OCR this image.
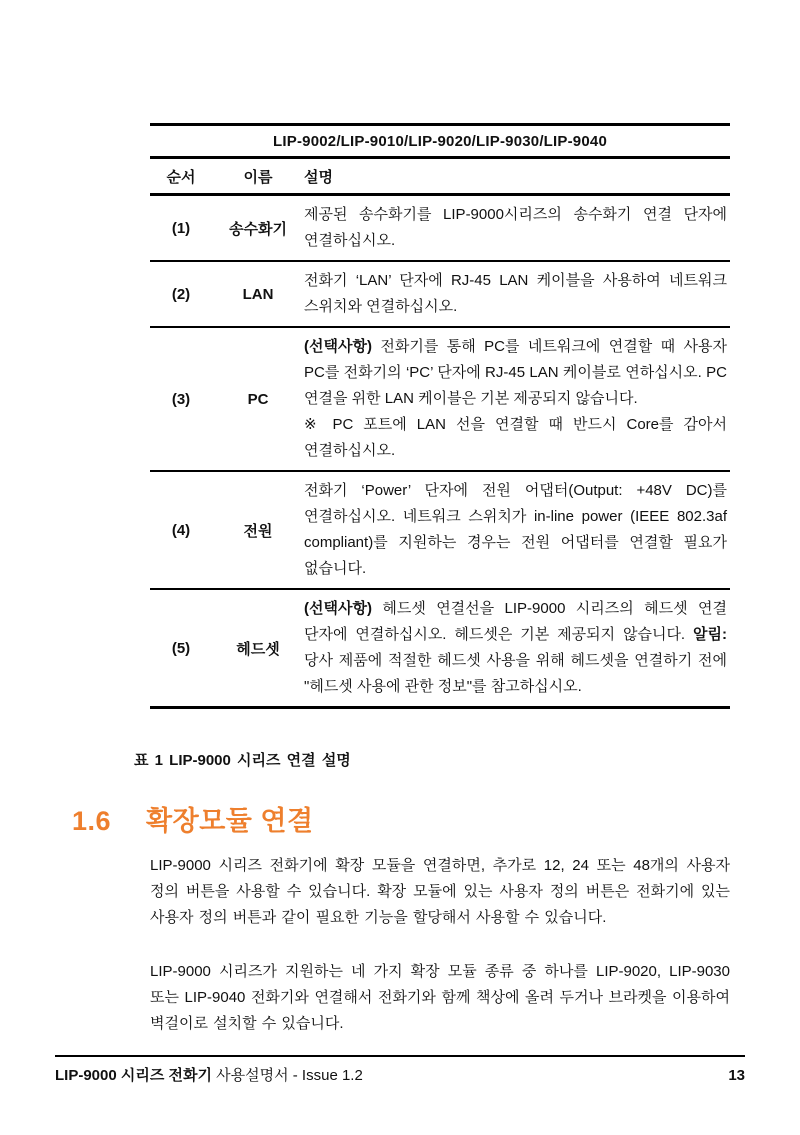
LIP-9002/LIP-9010/LIP-9020/LIP-9030/LIP-9040		
순서	이름	설명
(1)	송수화기	제공된 송수화기를 LIP-9000시리즈의 송수화기 연결 단자에 연결하십시오.

(2)	LAN	전화기 ‘LAN’ 단자에 RJ-45 LAN 케이블을 사용하여 네트워크 스위치와 연결하십시오.

(3)	PC	(선택사항) 전화기를 통해 PC를 네트워크에 연결할 때 사용자 PC를 전화기의 ‘PC’ 단자에 RJ-45 LAN 케이블로 연하십시오. PC 연결을 위한 LAN 케이블은 기본 제공되지 않습니다.
※ PC 포트에 LAN 선을 연결할 때 반드시 Core를 감아서 연결하십시오.

(4)	전원	전화기 ‘Power’ 단자에 전원 어댑터(Output: +48V DC)를 연결하십시오. 네트워크 스위치가 in-line power (IEEE 802.3af compliant)를 지원하는 경우는 전원 어댑터를 연결할 필요가 없습니다.

(5)	헤드셋	(선택사항) 헤드셋 연결선을 LIP-9000 시리즈의 헤드셋 연결 단자에 연결하십시오. 헤드셋은 기본 제공되지 않습니다. 알림: 당사 제품에 적절한 헤드셋 사용을 위해 헤드셋을 연결하기 전에 "헤드셋 사용에 관한 정보"를 참고하십시오.
표 1 LIP-9000 시리즈 연결 설명
1.6 확장모듈 연결

LIP-9000 시리즈 전화기에 확장 모듈을 연결하면, 추가로 12, 24 또는 48개의 사용자 정의 버튼을 사용할 수 있습니다. 확장 모듈에 있는 사용자 정의 버튼은 전화기에 있는 사용자 정의 버튼과 같이 필요한 기능을 할당해서 사용할 수 있습니다.

LIP-9000 시리즈가 지원하는 네 가지 확장 모듈 종류 중 하나를 LIP-9020, LIP-9030 또는 LIP-9040 전화기와 연결해서 전화기와 함께 책상에 올려 두거나 브라켓을 이용하여 벽걸이로 설치할 수 있습니다.

LIP-9000 시리즈 전화기 사용설명서 - Issue 1.2	13
